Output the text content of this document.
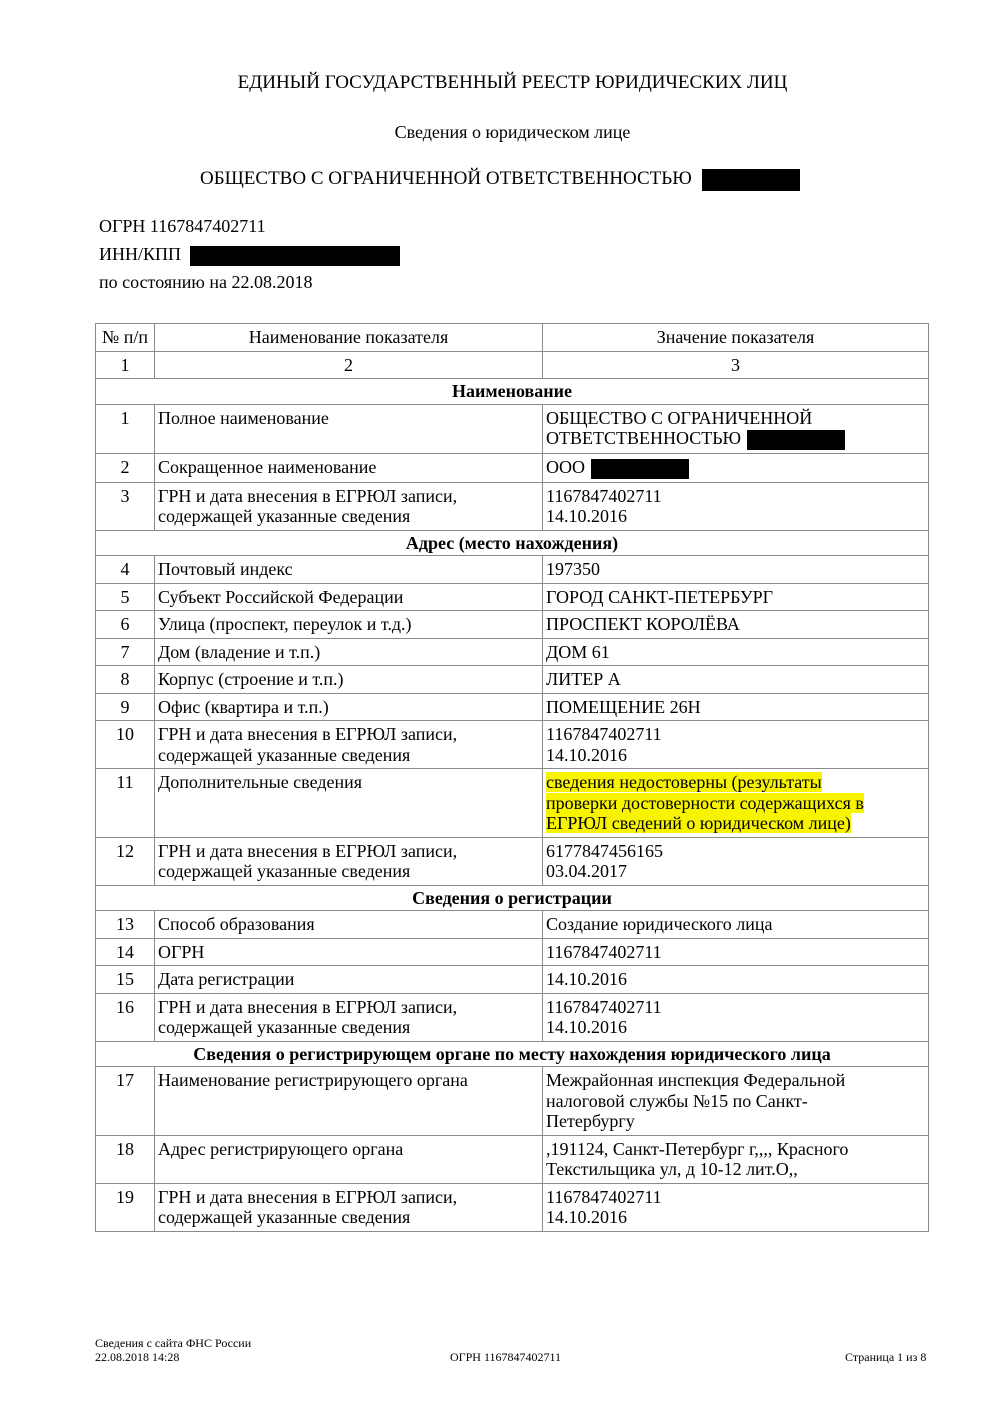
ЕДИНЫЙ ГОСУДАРСТВЕННЫЙ РЕЕСТР ЮРИДИЧЕСКИХ ЛИЦ
Сведения о юридическом лице
ОБЩЕСТВО С ОГРАНИЧЕННОЙ ОТВЕТСТВЕННОСТЬЮ
ОГРН 1167847402711
ИНН/КПП
по состоянию на 22.08.2018
№ п/п	Наименование показателя	Значение показателя
1	2	3
Наименование		
1	Полное наименование	ОБЩЕСТВО С ОГРАНИЧЕННОЙ
ОТВЕТСТВЕННОСТЬЮ

2	Сокращенное наименование	ООО

3	ГРН и дата внесения в ЕГРЮЛ записи,
содержащей указанные сведения	1167847402711
14.10.2016

Адрес (место нахождения)		
4	Почтовый индекс	197350

5	Субъект Российской Федерации	ГОРОД САНКТ-ПЕТЕРБУРГ

6	Улица (проспект, переулок и т.д.)	ПРОСПЕКТ КОРОЛЁВА

7	Дом (владение и т.п.)	ДОМ 61

8	Корпус (строение и т.п.)	ЛИТЕР А

9	Офис (квартира и т.п.)	ПОМЕЩЕНИЕ 26Н

10	ГРН и дата внесения в ЕГРЮЛ записи,
содержащей указанные сведения	1167847402711
14.10.2016

11	Дополнительные сведения	сведения недостоверны (результаты
проверки достоверности содержащихся в
ЕГРЮЛ сведений о юридическом лице)

12	ГРН и дата внесения в ЕГРЮЛ записи,
содержащей указанные сведения	6177847456165
03.04.2017

Сведения о регистрации		
13	Способ образования	Создание юридического лица

14	ОГРН	1167847402711

15	Дата регистрации	14.10.2016

16	ГРН и дата внесения в ЕГРЮЛ записи,
содержащей указанные сведения	1167847402711
14.10.2016

Сведения о регистрирующем органе по месту нахождения юридического лица		
17	Наименование регистрирующего органа	Межрайонная инспекция Федеральной
налоговой службы №15 по Санкт-
Петербургу

18	Адрес регистрирующего органа	,191124, Санкт-Петербург г,,,, Красного
Текстильщика ул, д 10-12 лит.О,,

19	ГРН и дата внесения в ЕГРЮЛ записи,
содержащей указанные сведения	1167847402711
14.10.2016
Сведения с сайта ФНС России
22.08.2018 14:28	ОГРН 1167847402711	Страница 1 из 8
